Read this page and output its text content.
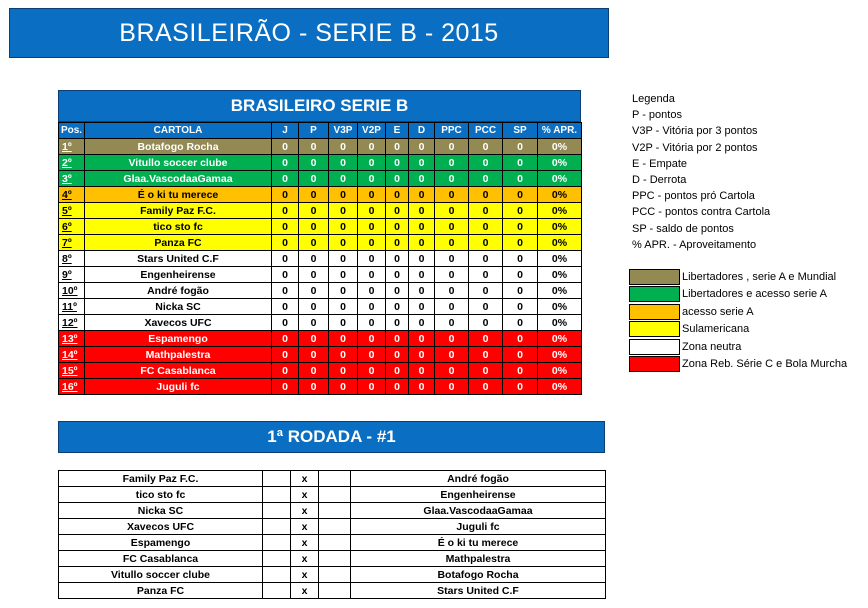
BRASILEIRÃO - SERIE B - 2015
BRASILEIRO SERIE B
Pos.	CARTOLA	J	P	V3P	V2P	E	D	PPC	PCC	SP	% APR.
1º	Botafogo Rocha	0	0	0	0	0	0	0	0	0	0%
2º	Vitullo soccer clube	0	0	0	0	0	0	0	0	0	0%
3º	Glaa.VascodaaGamaa	0	0	0	0	0	0	0	0	0	0%
4º	É o ki tu merece	0	0	0	0	0	0	0	0	0	0%
5º	Family Paz F.C.	0	0	0	0	0	0	0	0	0	0%
6º	tico sto fc	0	0	0	0	0	0	0	0	0	0%
7º	Panza FC	0	0	0	0	0	0	0	0	0	0%
8º	Stars United C.F	0	0	0	0	0	0	0	0	0	0%
9º	Engenheirense	0	0	0	0	0	0	0	0	0	0%
10º	André fogão	0	0	0	0	0	0	0	0	0	0%
11º	Nicka SC	0	0	0	0	0	0	0	0	0	0%
12º	Xavecos UFC	0	0	0	0	0	0	0	0	0	0%
13º	Espamengo	0	0	0	0	0	0	0	0	0	0%
14º	Mathpalestra	0	0	0	0	0	0	0	0	0	0%
15º	FC Casablanca	0	0	0	0	0	0	0	0	0	0%
16º	Juguli fc	0	0	0	0	0	0	0	0	0	0%
Legenda
P - pontos
V3P - Vitória por 3 pontos
V2P - Vitória por 2 pontos
E - Empate
D - Derrota
PPC - pontos pró Cartola
PCC - pontos contra Cartola
SP - saldo de pontos
% APR. - Aproveitamento
Libertadores , serie A e Mundial
Libertadores e acesso serie A
acesso serie A
Sulamericana
Zona neutra
Zona Reb. Série C e Bola Murcha
1ª RODADA - #1
Family Paz F.C.		x		André fogão
tico sto fc		x		Engenheirense
Nicka SC		x		Glaa.VascodaaGamaa
Xavecos UFC		x		Juguli fc
Espamengo		x		É o ki tu merece
FC Casablanca		x		Mathpalestra
Vitullo soccer clube		x		Botafogo Rocha
Panza FC		x		Stars United C.F
